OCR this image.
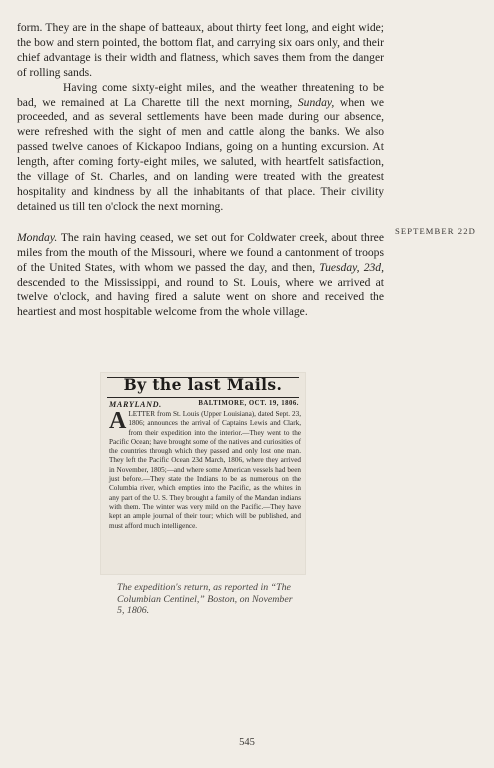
form. They are in the shape of batteaux, about thirty feet long, and eight wide; the bow and stern pointed, the bottom flat, and carrying six oars only, and their chief advantage is their width and flatness, which saves them from the danger of rolling sands.

Having come sixty-eight miles, and the weather threatening to be bad, we remained at La Charette till the next morning, Sunday, when we proceeded, and as several settlements have been made during our absence, were refreshed with the sight of men and cattle along the banks. We also passed twelve canoes of Kickapoo Indians, going on a hunting excursion. At length, after coming forty-eight miles, we saluted, with heartfelt satisfaction, the village of St. Charles, and on landing were treated with the greatest hospitality and kindness by all the inhabitants of that place. Their civility detained us till ten o'clock the next morning.

Monday. The rain having ceased, we set out for Coldwater creek, about three miles from the mouth of the Missouri, where we found a cantonment of troops of the United States, with whom we passed the day, and then, Tuesday, 23d, descended to the Mississippi, and round to St. Louis, where we arrived at twelve o'clock, and having fired a salute went on shore and received the heartiest and most hospitable welcome from the whole village.

SEPTEMBER 22D
By the last Mails.
MARYLAND.	BALTIMORE, OCT. 19, 1806.
ALETTER from St. Louis (Upper Louisiana), dated Sept. 23, 1806; announces the arrival of Captains Lewis and Clark, from their expedition into the interior.—They went to the Pacific Ocean; have brought some of the natives and curiosities of the countries through which they passed and only lost one man. They left the Pacific Ocean 23d March, 1806, where they arrived in November, 1805;—and where some American vessels had been just before.—They state the Indians to be as numerous on the Columbia river, which empties into the Pacific, as the whites in any part of the U. S. They brought a family of the Mandan indians with them. The winter was very mild on the Pacific.—They have kept an ample journal of their tour; which will be published, and must afford much intelligence.
The expedition's return, as reported in “The Columbian Centinel,” Boston, on November 5, 1806.
545
